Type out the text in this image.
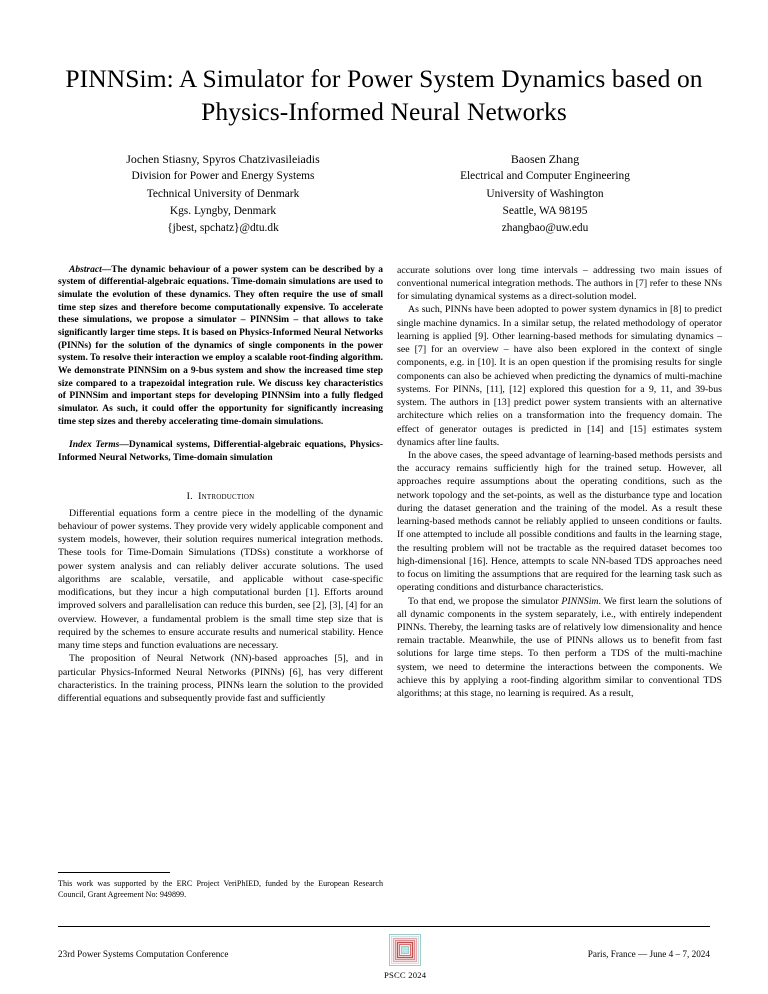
PINNSim: A Simulator for Power System Dynamics based on Physics-Informed Neural Networks
Jochen Stiasny, Spyros Chatzivasileiadis
Division for Power and Energy Systems
Technical University of Denmark
Kgs. Lyngby, Denmark
{jbest, spchatz}@dtu.dk
Baosen Zhang
Electrical and Computer Engineering
University of Washington
Seattle, WA 98195
zhangbao@uw.edu

Abstract—The dynamic behaviour of a power system can be described by a system of differential-algebraic equations. Time-domain simulations are used to simulate the evolution of these dynamics. They often require the use of small time step sizes and therefore become computationally expensive. To accelerate these simulations, we propose a simulator – PINNSim – that allows to take significantly larger time steps. It is based on Physics-Informed Neural Networks (PINNs) for the solution of the dynamics of single components in the power system. To resolve their interaction we employ a scalable root-finding algorithm. We demonstrate PINNSim on a 9-bus system and show the increased time step size compared to a trapezoidal integration rule. We discuss key characteristics of PINNSim and important steps for developing PINNSim into a fully fledged simulator. As such, it could offer the opportunity for significantly increasing time step sizes and thereby accelerating time-domain simulations.

Index Terms—Dynamical systems, Differential-algebraic equations, Physics-Informed Neural Networks, Time-domain simulation

I. Introduction

Differential equations form a centre piece in the modelling of the dynamic behaviour of power systems. They provide very widely applicable component and system models, however, their solution requires numerical integration methods. These tools for Time-Domain Simulations (TDSs) constitute a workhorse of power system analysis and can reliably deliver accurate solutions. The used algorithms are scalable, versatile, and applicable without case-specific modifications, but they incur a high computational burden [1]. Efforts around improved solvers and parallelisation can reduce this burden, see [2], [3], [4] for an overview. However, a fundamental problem is the small time step size that is required by the schemes to ensure accurate results and numerical stability. Hence many time steps and function evaluations are necessary.

The proposition of Neural Network (NN)-based approaches [5], and in particular Physics-Informed Neural Networks (PINNs) [6], has very different characteristics. In the training process, PINNs learn the solution to the provided differential equations and subsequently provide fast and sufficiently

accurate solutions over long time intervals – addressing two main issues of conventional numerical integration methods. The authors in [7] refer to these NNs for simulating dynamical systems as a direct-solution model.

As such, PINNs have been adopted to power system dynamics in [8] to predict single machine dynamics. In a similar setup, the related methodology of operator learning is applied [9]. Other learning-based methods for simulating dynamics – see [7] for an overview – have also been explored in the context of single components, e.g. in [10]. It is an open question if the promising results for single components can also be achieved when predicting the dynamics of multi-machine systems. For PINNs, [11], [12] explored this question for a 9, 11, and 39-bus system. The authors in [13] predict power system transients with an alternative architecture which relies on a transformation into the frequency domain. The effect of generator outages is predicted in [14] and [15] estimates system dynamics after line faults.

In the above cases, the speed advantage of learning-based methods persists and the accuracy remains sufficiently high for the trained setup. However, all approaches require assumptions about the operating conditions, such as the network topology and the set-points, as well as the disturbance type and location during the dataset generation and the training of the model. As a result these learning-based methods cannot be reliably applied to unseen conditions or faults. If one attempted to include all possible conditions and faults in the learning stage, the resulting problem will not be tractable as the required dataset becomes too high-dimensional [16]. Hence, attempts to scale NN-based TDS approaches need to focus on limiting the assumptions that are required for the learning task such as operating conditions and disturbance characteristics.

To that end, we propose the simulator PINNSim. We first learn the solutions of all dynamic components in the system separately, i.e., with entirely independent PINNs. Thereby, the learning tasks are of relatively low dimensionality and hence remain tractable. Meanwhile, the use of PINNs allows us to benefit from fast solutions for large time steps. To then perform a TDS of the multi-machine system, we need to determine the interactions between the components. We achieve this by applying a root-finding algorithm similar to conventional TDS algorithms; at this stage, no learning is required. As a result,

This work was supported by the ERC Project VeriPhIED, funded by the European Research Council, Grant Agreement No: 949899.

23rd Power Systems Computation Conference
PSCC 2024
Paris, France — June 4 – 7, 2024
